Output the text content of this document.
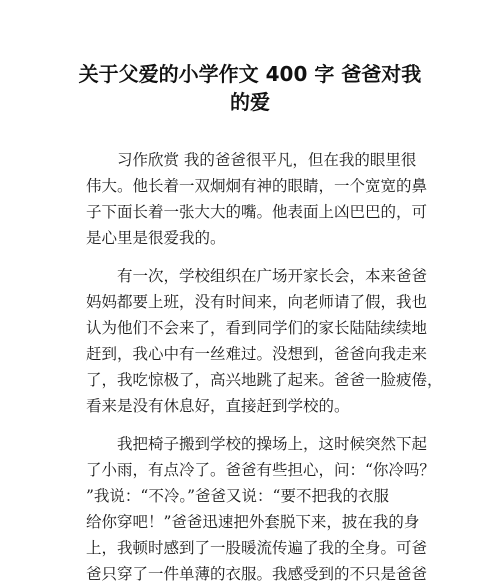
关于父爱的小学作文 400 字 爸爸对我
的爱
习作欣赏 我的爸爸很平凡，但在我的眼里很
伟大。他长着一双炯炯有神的眼睛，一个宽宽的鼻
子下面长着一张大大的嘴。他表面上凶巴巴的，可
是心里是很爱我的。
有一次，学校组织在广场开家长会，本来爸爸
妈妈都要上班，没有时间来，向老师请了假，我也
认为他们不会来了，看到同学们的家长陆陆续续地
赶到，我心中有一丝难过。没想到，爸爸向我走来
了，我吃惊极了，高兴地跳了起来。爸爸一脸疲倦，
看来是没有休息好，直接赶到学校的。
我把椅子搬到学校的操场上，这时候突然下起
了小雨，有点冷了。爸爸有些担心，问：“你冷吗？
”我说：“不冷。”爸爸又说：“要不把我的衣服
给你穿吧！”爸爸迅速把外套脱下来，披在我的身
上，我顿时感到了一股暖流传遍了我的全身。可爸
爸只穿了一件单薄的衣服。我感受到的不只是爸爸
